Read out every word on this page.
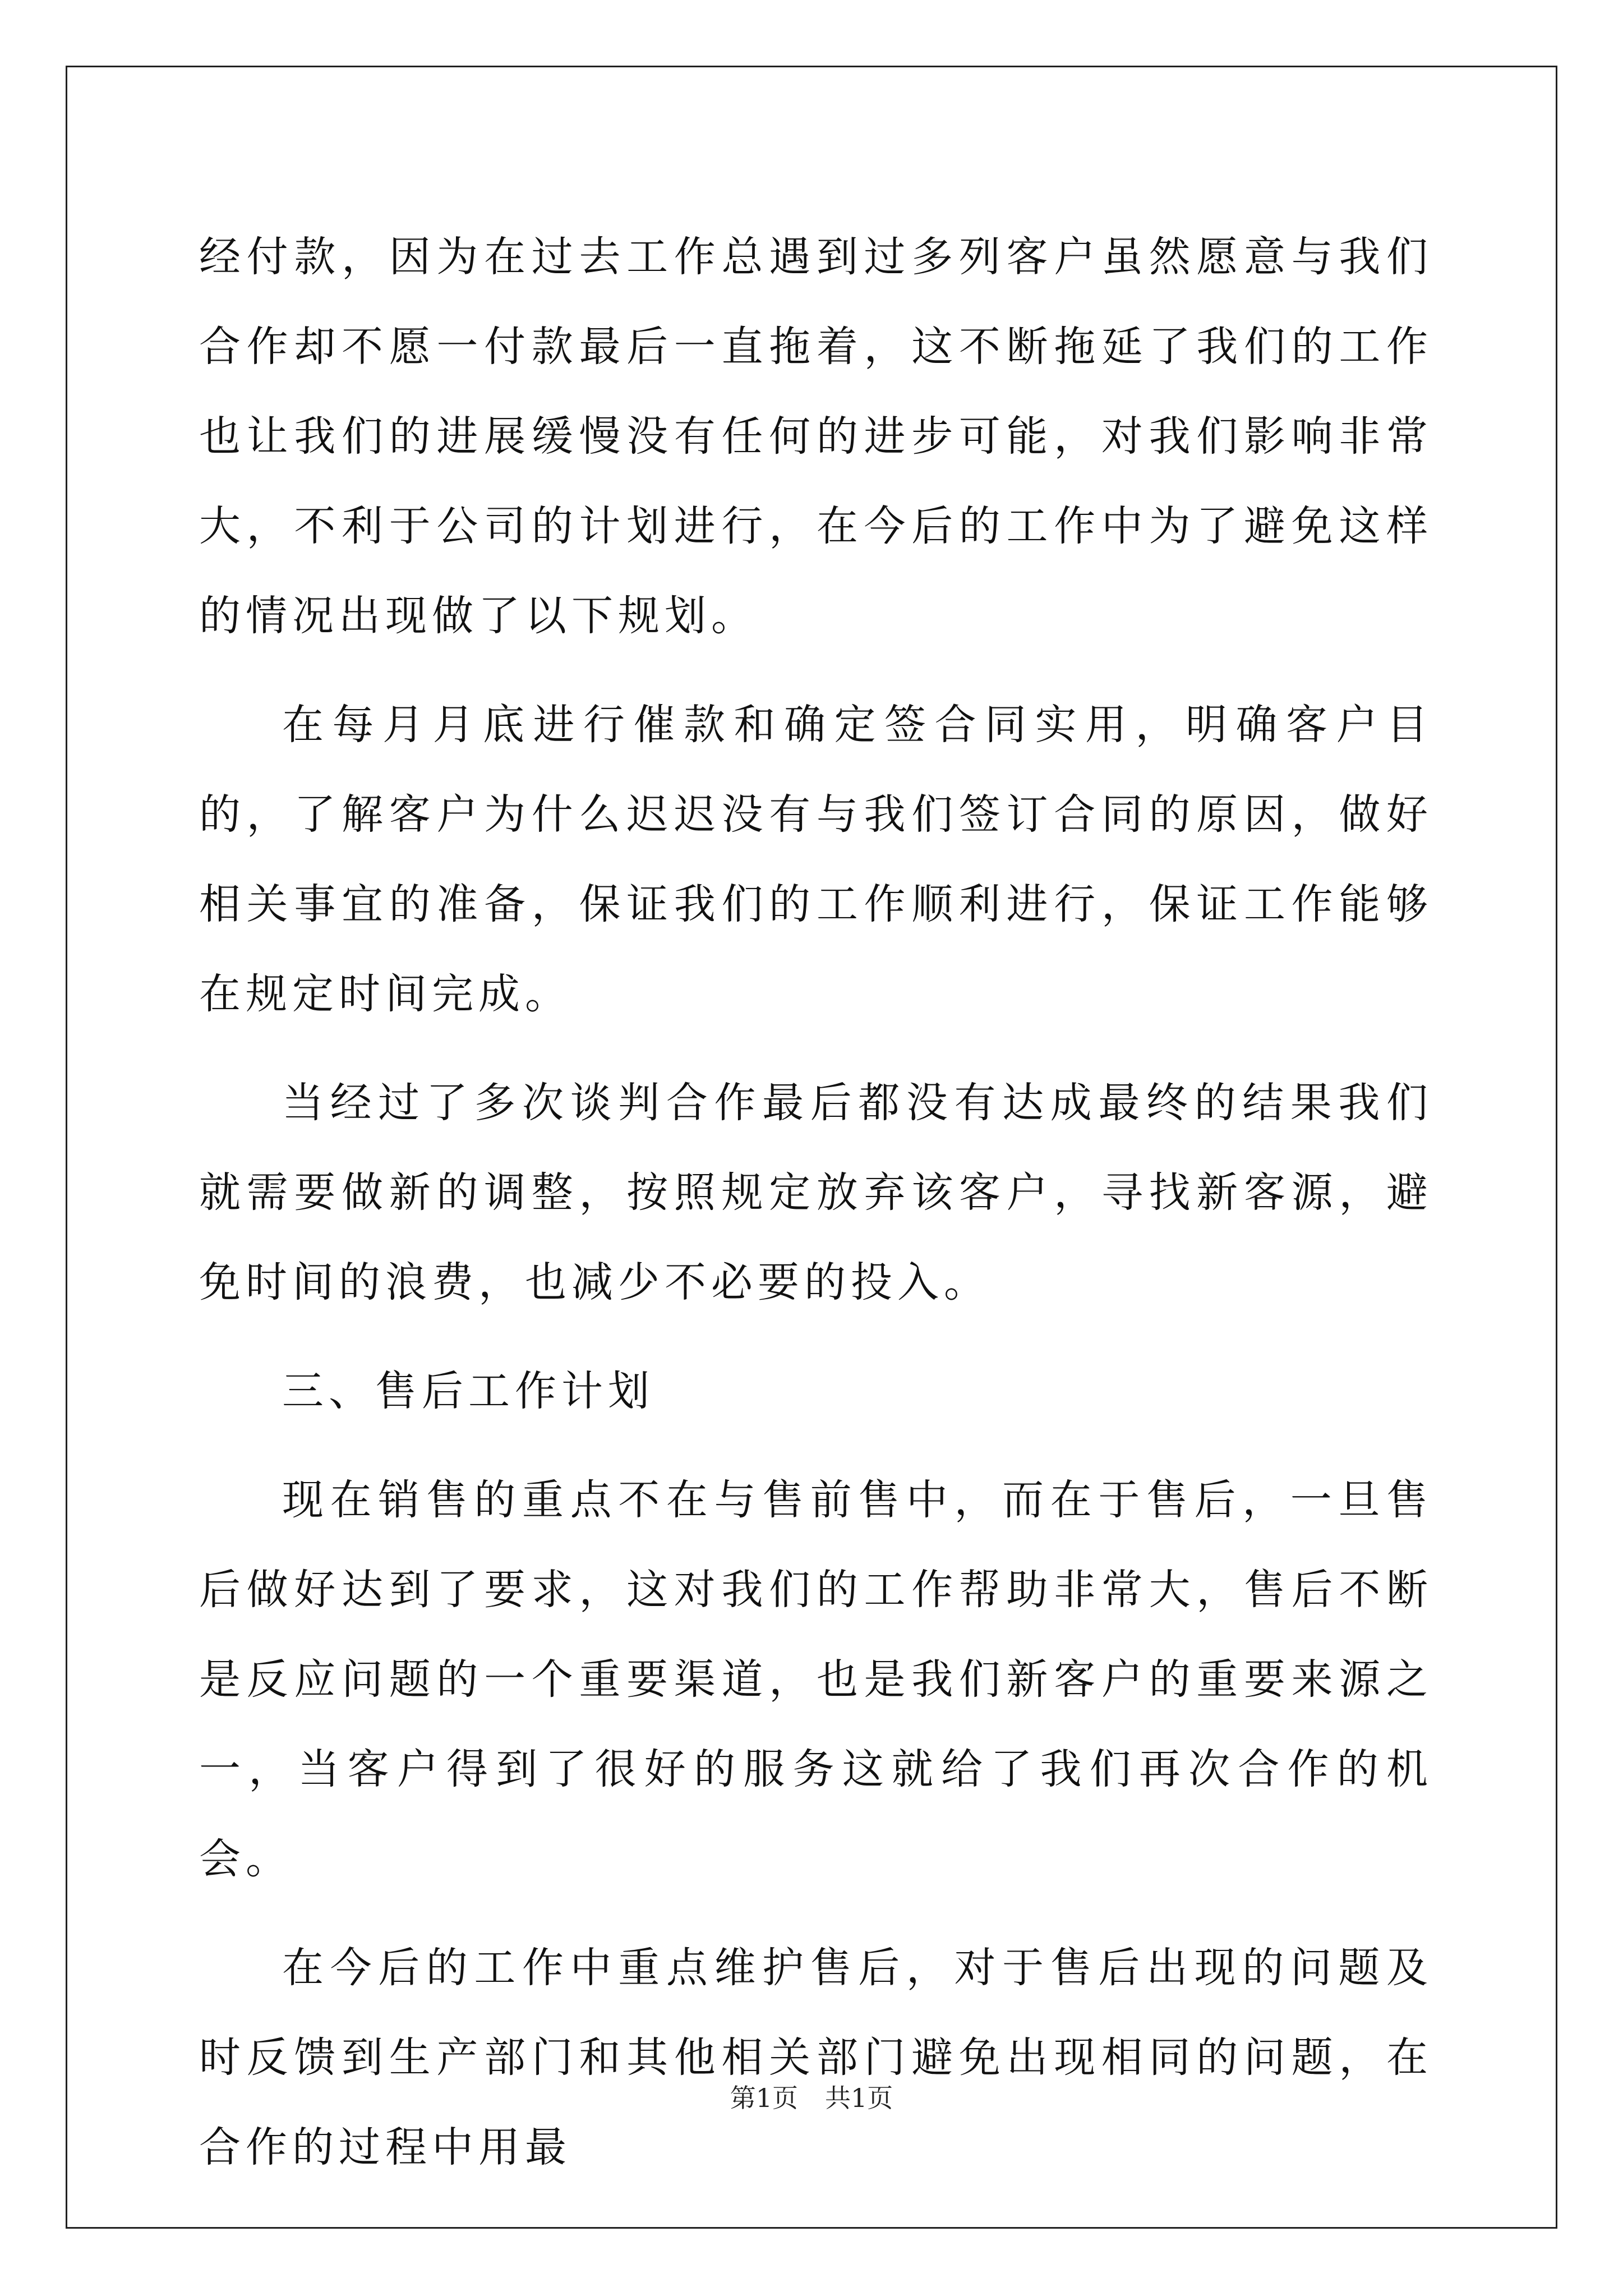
经付款，因为在过去工作总遇到过多列客户虽然愿意与我们合作却不愿一付款最后一直拖着，这不断拖延了我们的工作也让我们的进展缓慢没有任何的进步可能，对我们影响非常大，不利于公司的计划进行，在今后的工作中为了避免这样的情况出现做了以下规划。

在每月月底进行催款和确定签合同实用，明确客户目的，了解客户为什么迟迟没有与我们签订合同的原因，做好相关事宜的准备，保证我们的工作顺利进行，保证工作能够在规定时间完成。

当经过了多次谈判合作最后都没有达成最终的结果我们就需要做新的调整，按照规定放弃该客户，寻找新客源，避免时间的浪费，也减少不必要的投入。

三、售后工作计划

现在销售的重点不在与售前售中，而在于售后，一旦售后做好达到了要求，这对我们的工作帮助非常大，售后不断是反应问题的一个重要渠道，也是我们新客户的重要来源之一，当客户得到了很好的服务这就给了我们再次合作的机会。

在今后的工作中重点维护售后，对于售后出现的问题及时反馈到生产部门和其他相关部门避免出现相同的问题，在合作的过程中用最

第1页 共1页
